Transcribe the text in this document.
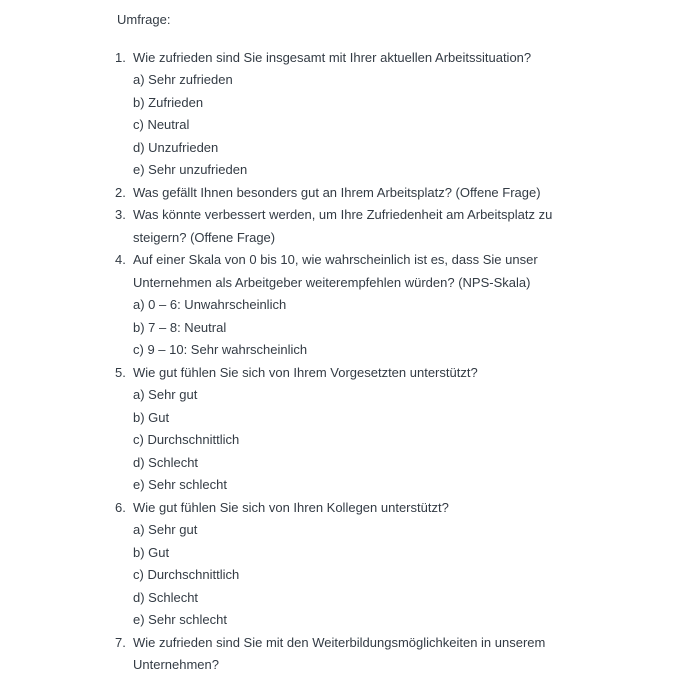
Umfrage:

1. Wie zufrieden sind Sie insgesamt mit Ihrer aktuellen Arbeitssituation?
a) Sehr zufrieden
b) Zufrieden
c) Neutral
d) Unzufrieden
e) Sehr unzufrieden
2. Was gefällt Ihnen besonders gut an Ihrem Arbeitsplatz? (Offene Frage)
3. Was könnte verbessert werden, um Ihre Zufriedenheit am Arbeitsplatz zu steigern? (Offene Frage)
4. Auf einer Skala von 0 bis 10, wie wahrscheinlich ist es, dass Sie unser Unternehmen als Arbeitgeber weiterempfehlen würden? (NPS-Skala)
a) 0 – 6: Unwahrscheinlich
b) 7 – 8: Neutral
c) 9 – 10: Sehr wahrscheinlich
5. Wie gut fühlen Sie sich von Ihrem Vorgesetzten unterstützt?
a) Sehr gut
b) Gut
c) Durchschnittlich
d) Schlecht
e) Sehr schlecht
6. Wie gut fühlen Sie sich von Ihren Kollegen unterstützt?
a) Sehr gut
b) Gut
c) Durchschnittlich
d) Schlecht
e) Sehr schlecht
7. Wie zufrieden sind Sie mit den Weiterbildungsmöglichkeiten in unserem Unternehmen?
